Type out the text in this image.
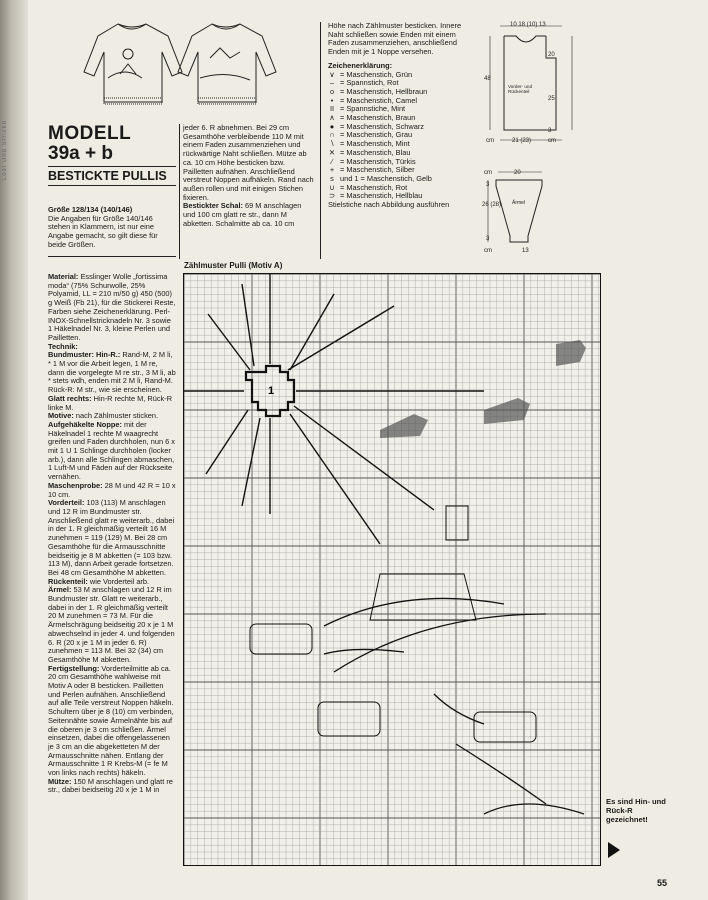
Lost Und Strickn MODELL
39a + b
BESTICKTE PULLIS

Größe 128/134 (140/146)

Die Angaben für Größe 140/146 stehen in Klammern, ist nur eine Angabe gemacht, so gilt diese für beide Größen.

Material: Esslinger Wolle „fortissima moda“ (75% Schurwolle, 25% Polyamid, LL = 210 m/50 g) 450 (500) g Weiß (Fb 21), für die Stickerei Reste, Farben siehe Zeichenerklärung. Perl-INOX-Schnellstricknadeln Nr. 3 sowie 1 Häkelnadel Nr. 3, kleine Perlen und Pailletten.

Technik:

Bundmuster: Hin-R.: Rand-M, 2 M li, * 1 M vor die Arbeit legen, 1 M re, dann die vorgelegte M re str., 3 M li, ab * stets wdh, enden mit 2 M li, Rand-M. Rück-R: M str., wie sie erscheinen.

Glatt rechts: Hin-R rechte M, Rück-R linke M.

Motive: nach Zählmuster sticken.

Aufgehäkelte Noppe: mit der Häkelnadel 1 rechte M waagrecht greifen und Faden durchholen, nun 6 x mit 1 U 1 Schlinge durchholen (locker arb.), dann alle Schlingen abmaschen, 1 Luft-M und Fäden auf der Rückseite vernähen.

Maschenprobe: 28 M und 42 R = 10 x 10 cm.

Vorderteil: 103 (113) M anschlagen und 12 R im Bundmuster str. Anschließend glatt re weiterarb., dabei in der 1. R gleichmäßig verteilt 16 M zunehmen = 119 (129) M. Bei 28 cm Gesamthöhe für die Armausschnitte beidseitig je 8 M abketten (= 103 bzw. 113 M), dann Arbeit gerade fortsetzen. Bei 48 cm Gesamthöhe M abketten.

Rückenteil: wie Vorderteil arb.

Ärmel: 53 M anschlagen und 12 R im Bundmuster str. Glatt re weiterarb., dabei in der 1. R gleichmäßig verteilt 20 M zunehmen = 73 M. Für die Ärmelschrägung beidseitig 20 x je 1 M abwechselnd in jeder 4. und folgenden 6. R (20 x je 1 M in jeder 6. R) zunehmen = 113 M. Bei 32 (34) cm Gesamthöhe M abketten.

Fertigstellung: Vorderteilmitte ab ca. 20 cm Gesamthöhe wahlweise mit Motiv A oder B besticken. Pailletten und Perlen aufnähen. Anschließend auf alle Teile verstreut Noppen häkeln. Schultern über je 8 (10) cm verbinden, Seitennähte sowie Ärmelnähte bis auf die oberen je 3 cm schließen. Ärmel einsetzen, dabei die offengelassenen je 3 cm an die abgeketteten M der Armausschnitte nähen. Entlang der Armausschnitte 1 R Krebs-M (= fe M von links nach rechts) häkeln.

Mütze: 150 M anschlagen und glatt re str., dabei beidseitig 20 x je 1 M in

jeder 6. R abnehmen. Bei 29 cm Gesamthöhe verbleibende 110 M mit einem Faden zusammenziehen und rückwärtige Naht schließen. Mütze ab ca. 10 cm Höhe besticken bzw. Pailletten aufnähen. Anschließend verstreut Noppen aufhäkeln. Rand nach außen rollen und mit einigen Stichen fixieren.

Bestickter Schal: 69 M anschlagen und 100 cm glatt re str., dann M abketten. Schalmitte ab ca. 10 cm

Höhe nach Zählmuster besticken. Innere Naht schließen sowie Enden mit einem Faden zusammenziehen, anschließend Enden mit je 1 Noppe versehen.

Zeichenerklärung:

∨ = Maschenstich, Grün
– = Spannstich, Rot
o = Maschenstich, Hellbraun
• = Maschenstich, Camel
II = Spannstiche, Mint
∧ = Maschenstich, Braun
● = Maschenstich, Schwarz
∩ = Maschenstich, Grau
∖ = Maschenstich, Mint
✕ = Maschenstich, Blau
∕ = Maschenstich, Türkis
+ = Maschenstich, Silber
s und 1 = Maschenstich, Gelb
∪ = Maschenstich, Rot
⊃ = Maschenstich, Hellblau

Stielstiche nach Abbildung ausführen

10 18 (10) 13
20
25
48
Vorder- und Rückenteil
3
cm	21 (23)	cm
cm	20
3
26 (28)
3
Ärmel
cm	13
Zählmuster Pulli (Motiv A)
1
Es sind Hin- und Rück-R gezeichnet!
55
